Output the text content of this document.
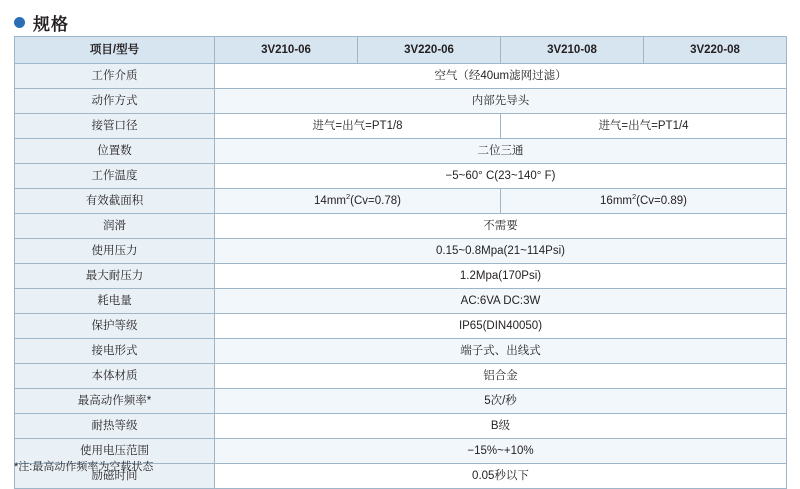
规格
项目/型号	3V210-06	3V220-06	3V210-08	3V220-08
工作介质	空气（经40um滤网过滤）			
动作方式	内部先导头			
接管口径	进气=出气=PT1/8		进气=出气=PT1/4	
位置数	二位三通			
工作温度	−5~60° C(23~140° F)			
有效截面积	$14mm^2(Cv=0.78)$		$16mm^2(Cv=0.89)$	
润滑	不需要			
使用压力	0.15~0.8Mpa(21~114Psi)			
最大耐压力	1.2Mpa(170Psi)			
耗电量	AC:6VA DC:3W			
保护等级	IP65(DIN40050)			
接电形式	端子式、出线式			
本体材质	铝合金			
最高动作频率*	5次/秒			
耐热等级	B级			
使用电压范围	−15%~+10%			
励磁时间	0.05秒以下			
*注:最高动作频率为空载状态
